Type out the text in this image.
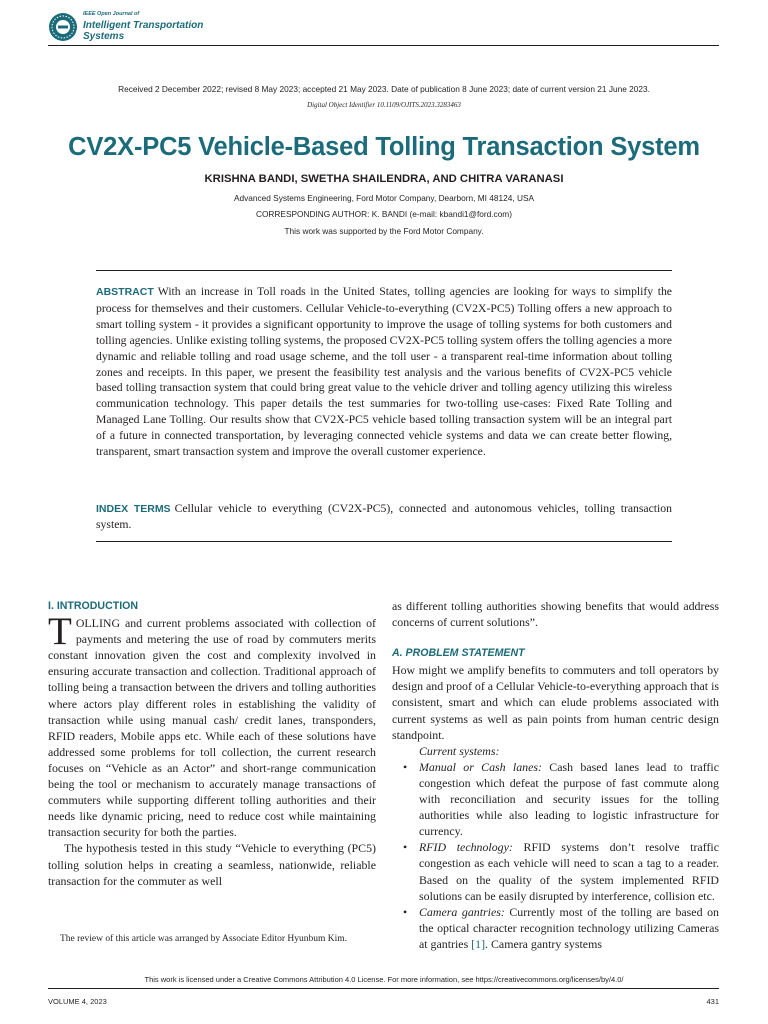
IEEE Open Journal of
Intelligent Transportation
Systems
Received 2 December 2022; revised 8 May 2023; accepted 21 May 2023. Date of publication 8 June 2023; date of current version 21 June 2023.
Digital Object Identifier 10.1109/OJITS.2023.3283463
CV2X-PC5 Vehicle-Based Tolling Transaction System
KRISHNA BANDI, SWETHA SHAILENDRA, AND CHITRA VARANASI
Advanced Systems Engineering, Ford Motor Company, Dearborn, MI 48124, USA
CORRESPONDING AUTHOR: K. BANDI (e-mail: kbandi1@ford.com)
This work was supported by the Ford Motor Company.

ABSTRACT With an increase in Toll roads in the United States, tolling agencies are looking for ways to simplify the process for themselves and their customers. Cellular Vehicle-to-everything (CV2X-PC5) Tolling offers a new approach to smart tolling system - it provides a significant opportunity to improve the usage of tolling systems for both customers and tolling agencies. Unlike existing tolling systems, the proposed CV2X-PC5 tolling system offers the tolling agencies a more dynamic and reliable tolling and road usage scheme, and the toll user - a transparent real-time information about tolling zones and receipts. In this paper, we present the feasibility test analysis and the various benefits of CV2X-PC5 vehicle based tolling transaction system that could bring great value to the vehicle driver and tolling agency utilizing this wireless communication technology. This paper details the test summaries for two-tolling use-cases: Fixed Rate Tolling and Managed Lane Tolling. Our results show that CV2X-PC5 vehicle based tolling transaction system will be an integral part of a future in connected transportation, by leveraging connected vehicle systems and data we can create better flowing, transparent, smart transaction system and improve the overall customer experience.

INDEX TERMS Cellular vehicle to everything (CV2X-PC5), connected and autonomous vehicles, tolling transaction system.

I. INTRODUCTION

TOLLING and current problems associated with collection of payments and metering the use of road by commuters merits constant innovation given the cost and complexity involved in ensuring accurate transaction and collection. Traditional approach of tolling being a transaction between the drivers and tolling authorities where actors play different roles in establishing the validity of transaction while using manual cash/ credit lanes, transponders, RFID readers, Mobile apps etc. While each of these solutions have addressed some problems for toll collection, the current research focuses on “Vehicle as an Actor” and short-range communication being the tool or mechanism to accurately manage transactions of commuters while supporting different tolling authorities and their needs like dynamic pricing, need to reduce cost while maintaining transaction security for both the parties.

The hypothesis tested in this study “Vehicle to everything (PC5) tolling solution helps in creating a seamless, nationwide, reliable transaction for the commuter as well

as different tolling authorities showing benefits that would address concerns of current solutions”.

A. PROBLEM STATEMENT

How might we amplify benefits to commuters and toll operators by design and proof of a Cellular Vehicle-to-everything approach that is consistent, smart and which can elude problems associated with current systems as well as pain points from human centric design standpoint.

Current systems:

• Manual or Cash lanes: Cash based lanes lead to traffic congestion which defeat the purpose of fast commute along with reconciliation and security issues for the tolling authorities while also leading to logistic infrastructure for currency.
• RFID technology: RFID systems don’t resolve traffic congestion as each vehicle will need to scan a tag to a reader. Based on the quality of the system implemented RFID solutions can be easily disrupted by interference, collision etc.
• Camera gantries: Currently most of the tolling are based on the optical character recognition technology utilizing Cameras at gantries [1]. Camera gantry systems

The review of this article was arranged by Associate Editor Hyunbum Kim.

This work is licensed under a Creative Commons Attribution 4.0 License. For more information, see https://creativecommons.org/licenses/by/4.0/
VOLUME 4, 2023	431
